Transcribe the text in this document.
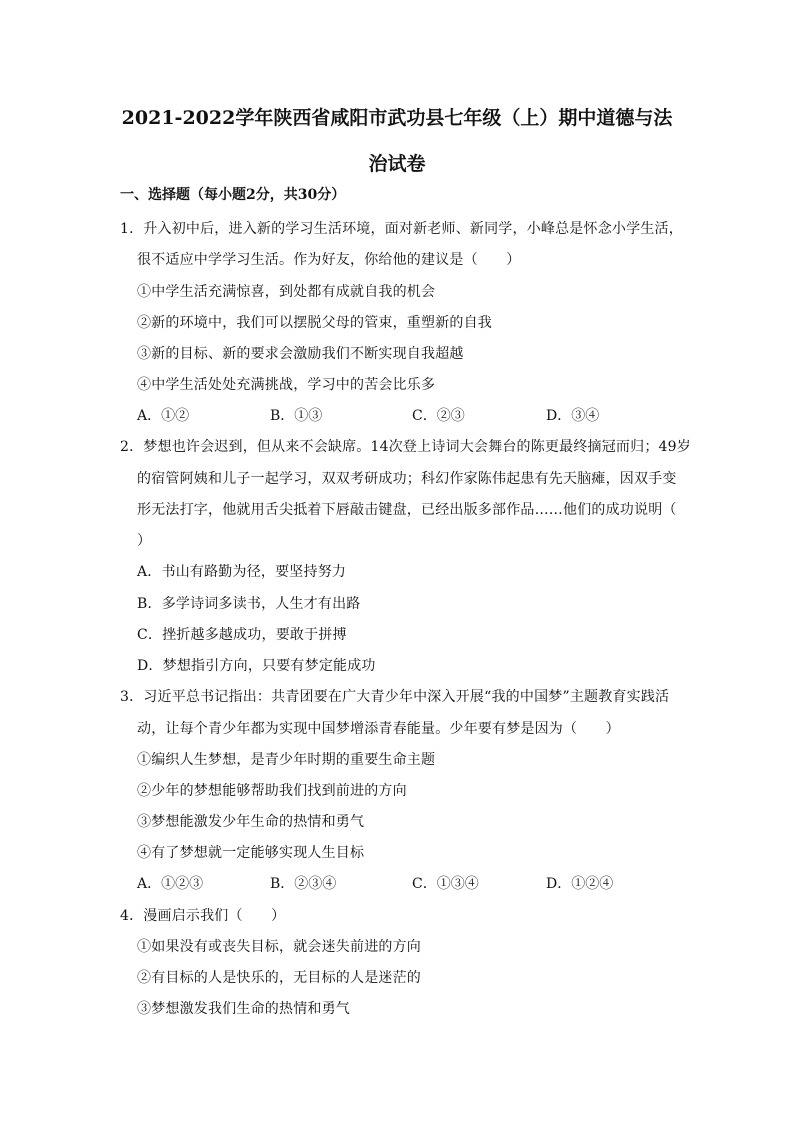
2021-2022学年陕西省咸阳市武功县七年级（上）期中道德与法
治试卷
一、选择题（每小题2分，共30分）
1．升入初中后，进入新的学习生活环境，面对新老师、新同学，小峰总是怀念小学生活，
很不适应中学学习生活。作为好友，你给他的建议是（　　）
①中学生活充满惊喜，到处都有成就自我的机会
②新的环境中，我们可以摆脱父母的管束，重塑新的自我
③新的目标、新的要求会激励我们不断实现自我超越
④中学生活处处充满挑战，学习中的苦会比乐多
A．①②	B．①③	C．②③	D．③④
2．梦想也许会迟到，但从来不会缺席。14次登上诗词大会舞台的陈更最终摘冠而归；49岁
的宿管阿姨和儿子一起学习，双双考研成功；科幻作家陈伟起患有先天脑瘫，因双手变
形无法打字，他就用舌尖抵着下唇敲击键盘，已经出版多部作品……他们的成功说明（
）
A．书山有路勤为径，要坚持努力
B．多学诗词多读书，人生才有出路
C．挫折越多越成功，要敢于拼搏
D．梦想指引方向，只要有梦定能成功
3．习近平总书记指出：共青团要在广大青少年中深入开展“我的中国梦”主题教育实践活
动，让每个青少年都为实现中国梦增添青春能量。少年要有梦是因为（　　）
①编织人生梦想，是青少年时期的重要生命主题
②少年的梦想能够帮助我们找到前进的方向
③梦想能激发少年生命的热情和勇气
④有了梦想就一定能够实现人生目标
A．①②③	B．②③④	C．①③④	D．①②④
4．漫画启示我们（　　）
①如果没有或丧失目标，就会迷失前进的方向
②有目标的人是快乐的，无目标的人是迷茫的
③梦想激发我们生命的热情和勇气
